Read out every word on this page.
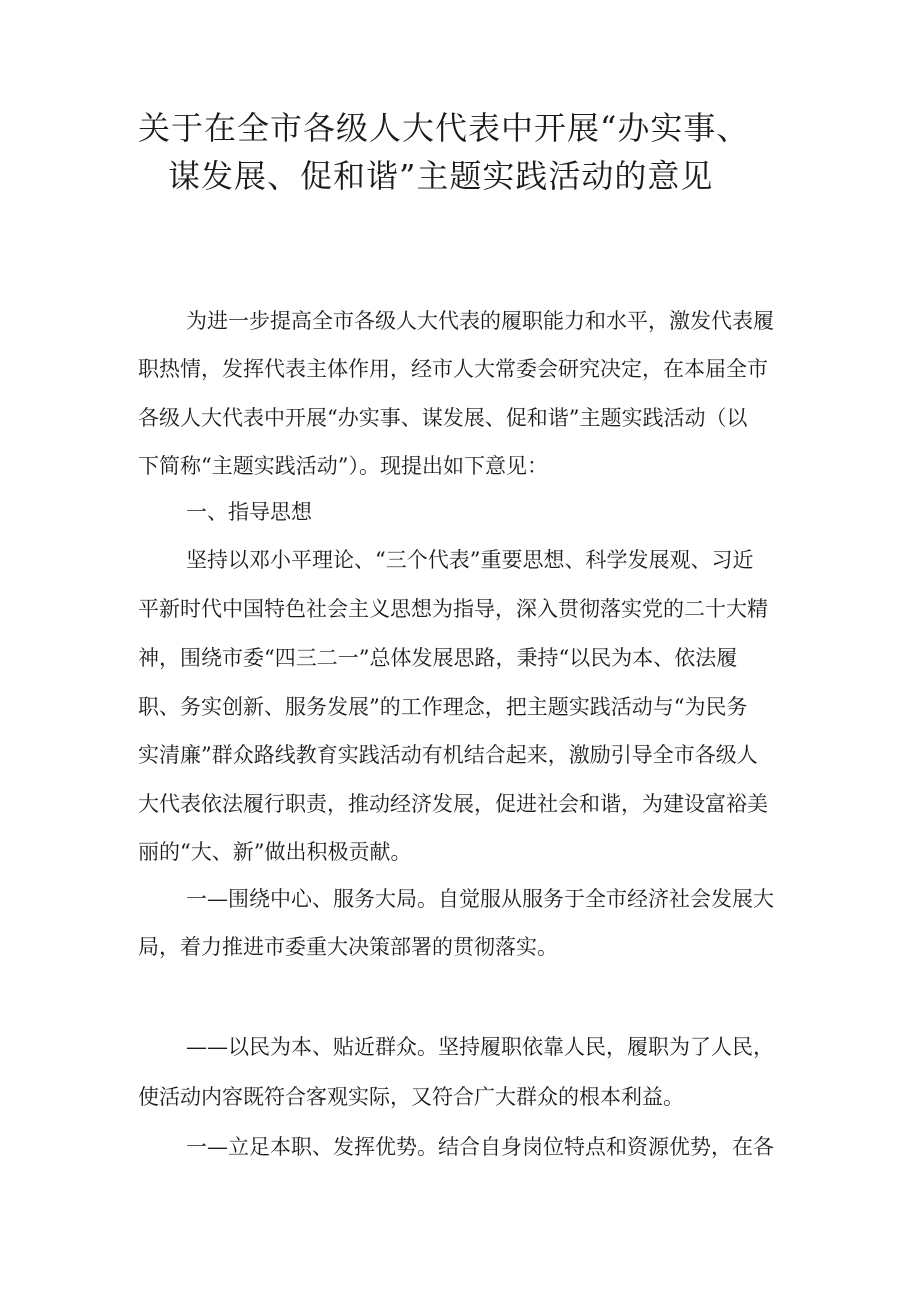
关于在全市各级人大代表中开展“办实事、
谋发展、促和谐”主题实践活动的意见
为进一步提高全市各级人大代表的履职能力和水平，激发代表履
职热情，发挥代表主体作用，经市人大常委会研究决定，在本届全市
各级人大代表中开展“办实事、谋发展、促和谐”主题实践活动（以
下简称“主题实践活动”）。现提出如下意见：
一、指导思想
坚持以邓小平理论、“三个代表”重要思想、科学发展观、习近
平新时代中国特色社会主义思想为指导，深入贯彻落实党的二十大精
神，围绕市委“四三二一”总体发展思路，秉持“以民为本、依法履
职、务实创新、服务发展”的工作理念，把主题实践活动与“为民务
实清廉”群众路线教育实践活动有机结合起来，激励引导全市各级人
大代表依法履行职责，推动经济发展，促进社会和谐，为建设富裕美
丽的“大、新”做出积极贡献。
一—围绕中心、服务大局。自觉服从服务于全市经济社会发展大
局，着力推进市委重大决策部署的贯彻落实。
——以民为本、贴近群众。坚持履职依靠人民，履职为了人民，
使活动内容既符合客观实际，又符合广大群众的根本利益。
一—立足本职、发挥优势。结合自身岗位特点和资源优势，在各
